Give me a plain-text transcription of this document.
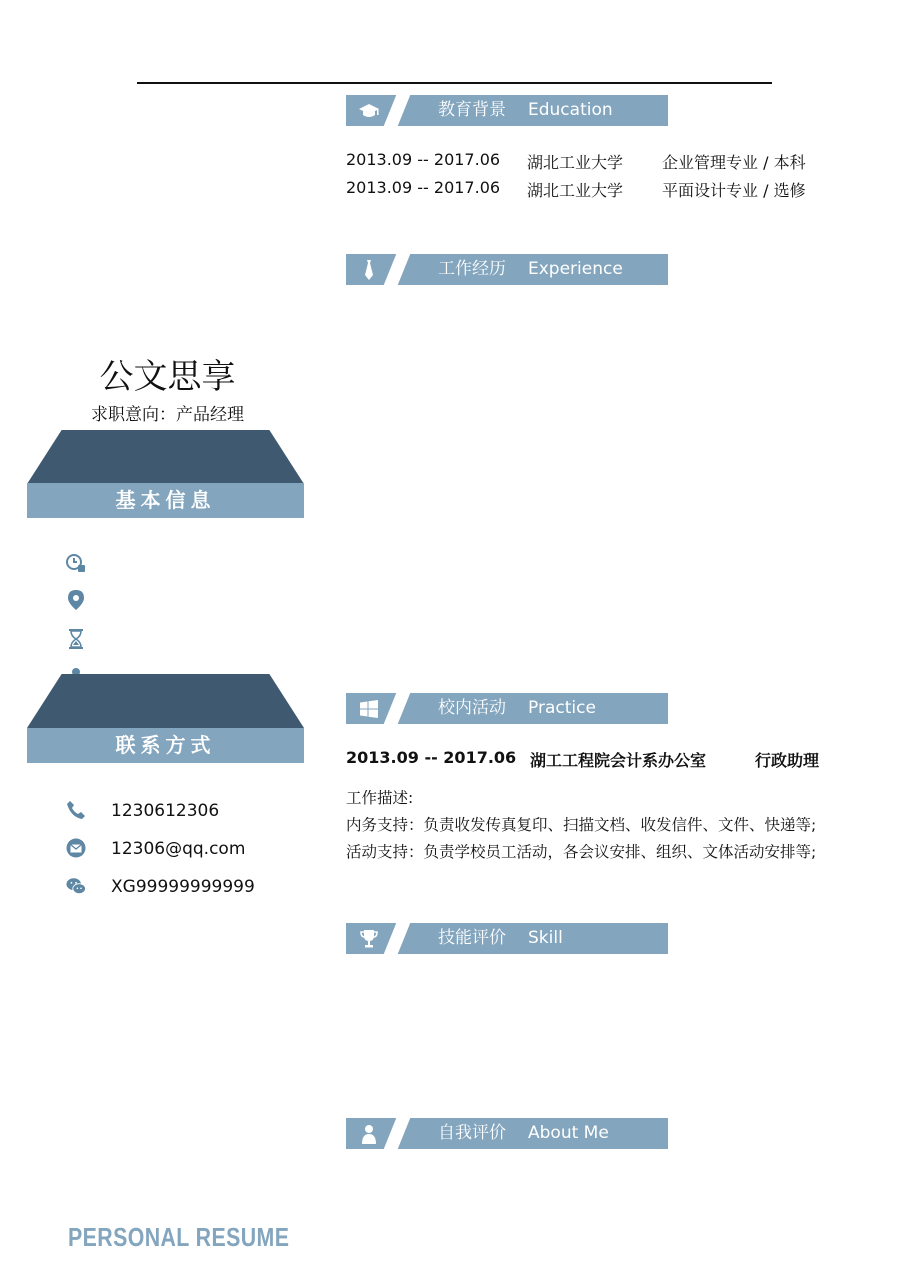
教育背景 Education
2013.09 -- 2017.06 湖北工业大学 企业管理专业 / 本科
2013.09 -- 2017.06 湖北工业大学 平面设计专业 / 选修
工作经历 Experience
校内活动 Practice
2013.09 -- 2017.06 湖工工程院会计系办公室	行政助理
工作描述:
内务支持：负责收发传真复印、扫描文档、收发信件、文件、快递等;
活动支持：负责学校员工活动，各会议安排、组织、文体活动安排等;
技能评价 Skill
自我评价 About Me
公文思享
求职意向：产品经理
基本信息
联系方式
1230612306
12306@qq.com
XG99999999999
PERSONAL RESUME
